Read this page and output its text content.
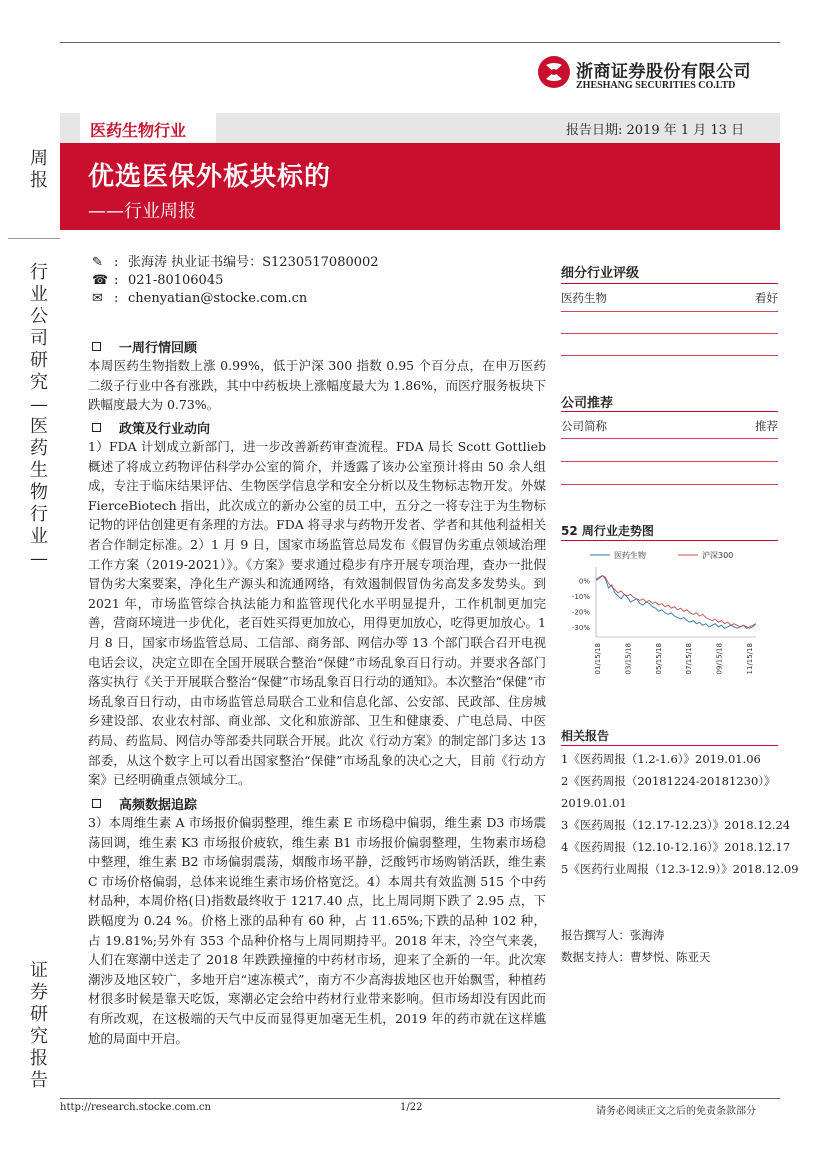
浙商证券股份有限公司
ZHESHANG SECURITIES CO.LTD
医药生物行业	报告日期: 2019 年 1 月 13 日
优选医保外板块标的
——行业周报
周报
行业公司研究—医药生物行业—
证券研究报告
✎ : 张海涛 执业证书编号：S1230517080002
☎ : 021-80106045
✉ : chenyatian@stocke.com.cn
一周行情回顾

本周医药生物指数上涨 0.99%，低于沪深 300 指数 0.95 个百分点，在申万医药二级子行业中各有涨跌，其中中药板块上涨幅度最大为 1.86%，而医疗服务板块下跌幅度最大为 0.73%。

政策及行业动向

1）FDA 计划成立新部门，进一步改善新药审查流程。FDA 局长 Scott Gottlieb 概述了将成立药物评估科学办公室的简介，并透露了该办公室预计将由 50 余人组成，专注于临床结果评估、生物医学信息学和安全分析以及生物标志物开发。外媒 FierceBiotech 指出，此次成立的新办公室的员工中，五分之一将专注于为生物标记物的评估创建更有条理的方法。FDA 将寻求与药物开发者、学者和其他利益相关者合作制定标准。2）1 月 9 日，国家市场监管总局发布《假冒伪劣重点领域治理工作方案（2019-2021）》。《方案》要求通过稳步有序开展专项治理，查办一批假冒伪劣大案要案，净化生产源头和流通网络，有效遏制假冒伪劣高发多发势头。到 2021 年，市场监管综合执法能力和监管现代化水平明显提升，工作机制更加完善，营商环境进一步优化，老百姓买得更加放心，用得更加放心，吃得更加放心。1 月 8 日，国家市场监管总局、工信部、商务部、网信办等 13 个部门联合召开电视电话会议，决定立即在全国开展联合整治“保健”市场乱象百日行动。并要求各部门落实执行《关于开展联合整治“保健”市场乱象百日行动的通知》。本次整治“保健”市场乱象百日行动，由市场监管总局联合工业和信息化部、公安部、民政部、住房城乡建设部、农业农村部、商业部、文化和旅游部、卫生和健康委、广电总局、中医药局、药监局、网信办等部委共同联合开展。此次《行动方案》的制定部门多达 13 部委，从这个数字上可以看出国家整治“保健”市场乱象的决心之大，目前《行动方案》已经明确重点领域分工。

高频数据追踪

3）本周维生素 A 市场报价偏弱整理，维生素 E 市场稳中偏弱，维生素 D3 市场震荡回调，维生素 K3 市场报价疲软，维生素 B1 市场报价偏弱整理，生物素市场稳中整理，维生素 B2 市场偏弱震荡，烟酸市场平静，泛酸钙市场购销活跃，维生素 C 市场价格偏弱，总体来说维生素市场价格宽泛。4）本周共有效监测 515 个中药材品种，本周价格(日)指数最终收于 1217.40 点，比上周同期下跌了 2.95 点，下跌幅度为 0.24 %。价格上涨的品种有 60 种，占 11.65%;下跌的品种 102 种，占 19.81%;另外有 353 个品种价格与上周同期持平。2018 年末，冷空气来袭，人们在寒潮中送走了 2018 年跌跌撞撞的中药材市场，迎来了全新的一年。此次寒潮涉及地区较广，多地开启“速冻模式”，南方不少高海拔地区也开始飘雪，种植药材很多时候是靠天吃饭，寒潮必定会给中药材行业带来影响。但市场却没有因此而有所改观，在这极端的天气中反而显得更加毫无生机，2019 年的药市就在这样尴尬的局面中开启。

细分行业评级
医药生物	看好
公司推荐
公司简称	推荐
52 周行业走势图
医药生物	沪深300
0%
-10%
-20%
-30%
01/15/18	03/15/18	05/15/18	07/15/18	09/15/18	11/15/18
相关报告
1《医药周报（1.2-1.6）》2019.01.06
2《医药周报（20181224-20181230）》
2019.01.01
3《医药周报（12.17-12.23）》2018.12.24
4《医药周报（12.10-12.16）》2018.12.17
5《医药行业周报（12.3-12.9）》2018.12.09
报告撰写人：张海涛
数据支持人：曹梦悦、陈亚天
http://research.stocke.com.cn	1/22	请务必阅读正文之后的免责条款部分
